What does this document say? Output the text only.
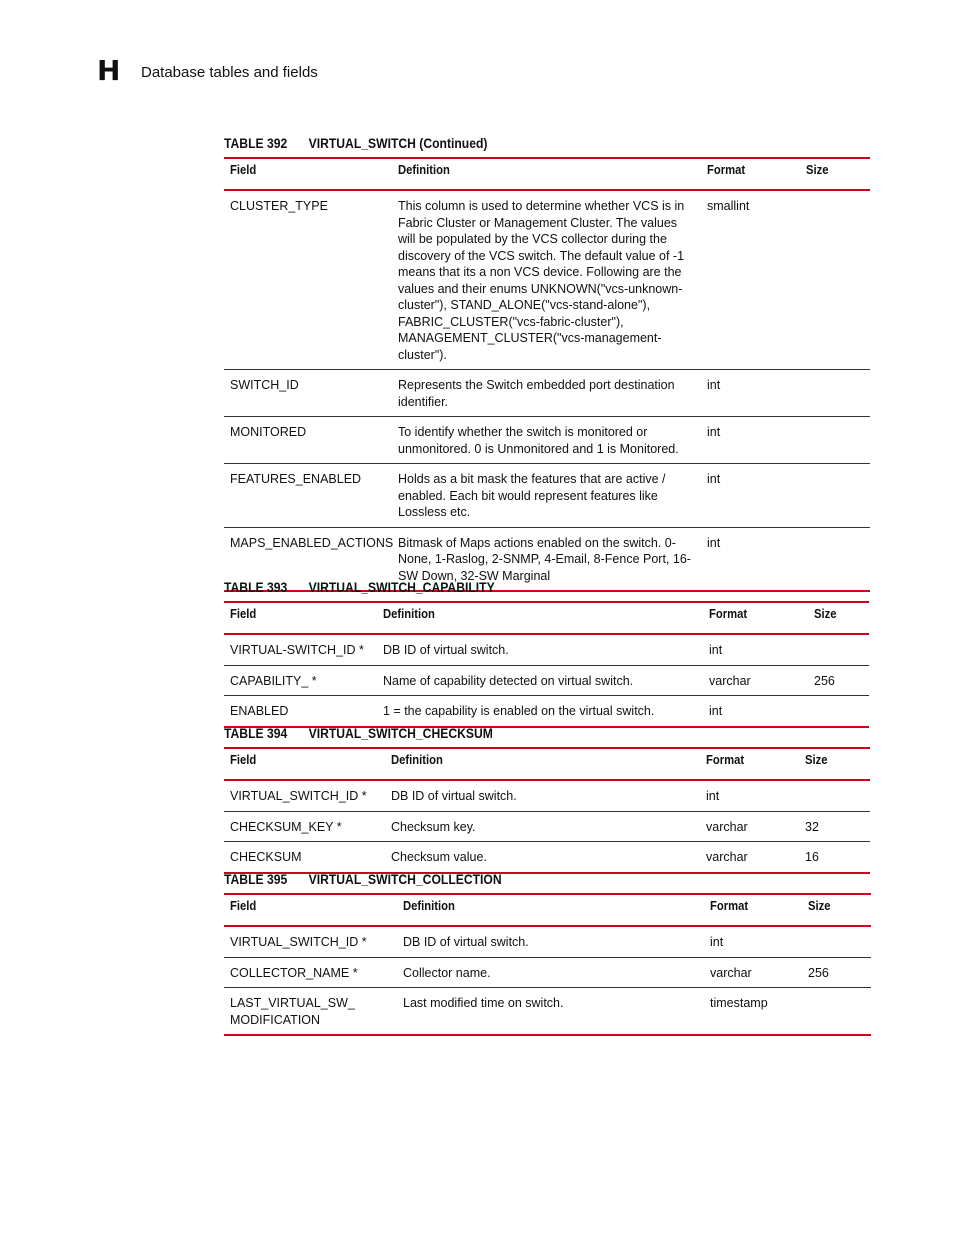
H Database tables and fields
TABLE 392 VIRTUAL_SWITCH (Continued)
Field	Definition	Format	Size
CLUSTER_TYPE	This column is used to determine whether VCS is in Fabric Cluster or Management Cluster. The values will be populated by the VCS collector during the discovery of the VCS switch. The default value of -1 means that its a non VCS device. Following are the values and their enums UNKNOWN("vcs-unknown-cluster"), STAND_ALONE("vcs-stand-alone"), FABRIC_CLUSTER("vcs-fabric-cluster"), MANAGEMENT_CLUSTER("vcs-management-cluster").	smallint	
SWITCH_ID	Represents the Switch embedded port destination identifier.	int	
MONITORED	To identify whether the switch is monitored or unmonitored. 0 is Unmonitored and 1 is Monitored.	int	
FEATURES_ENABLED	Holds as a bit mask the features that are active / enabled. Each bit would represent features like Lossless etc.	int	
MAPS_ENABLED_ACTIONS	Bitmask of Maps actions enabled on the switch. 0-None, 1-Raslog, 2-SNMP, 4-Email, 8-Fence Port, 16-SW Down, 32-SW Marginal	int	
TABLE 393 VIRTUAL_SWITCH_CAPABILITY
Field	Definition	Format	Size
VIRTUAL-SWITCH_ID *	DB ID of virtual switch.	int	
CAPABILITY_ *	Name of capability detected on virtual switch.	varchar	256
ENABLED	1 = the capability is enabled on the virtual switch.	int	
TABLE 394 VIRTUAL_SWITCH_CHECKSUM
Field	Definition	Format	Size
VIRTUAL_SWITCH_ID *	DB ID of virtual switch.	int	
CHECKSUM_KEY *	Checksum key.	varchar	32
CHECKSUM	Checksum value.	varchar	16
TABLE 395 VIRTUAL_SWITCH_COLLECTION
Field	Definition	Format	Size
VIRTUAL_SWITCH_ID *	DB ID of virtual switch.	int	
COLLECTOR_NAME *	Collector name.	varchar	256
LAST_VIRTUAL_SW_ MODIFICATION	Last modified time on switch.	timestamp	
